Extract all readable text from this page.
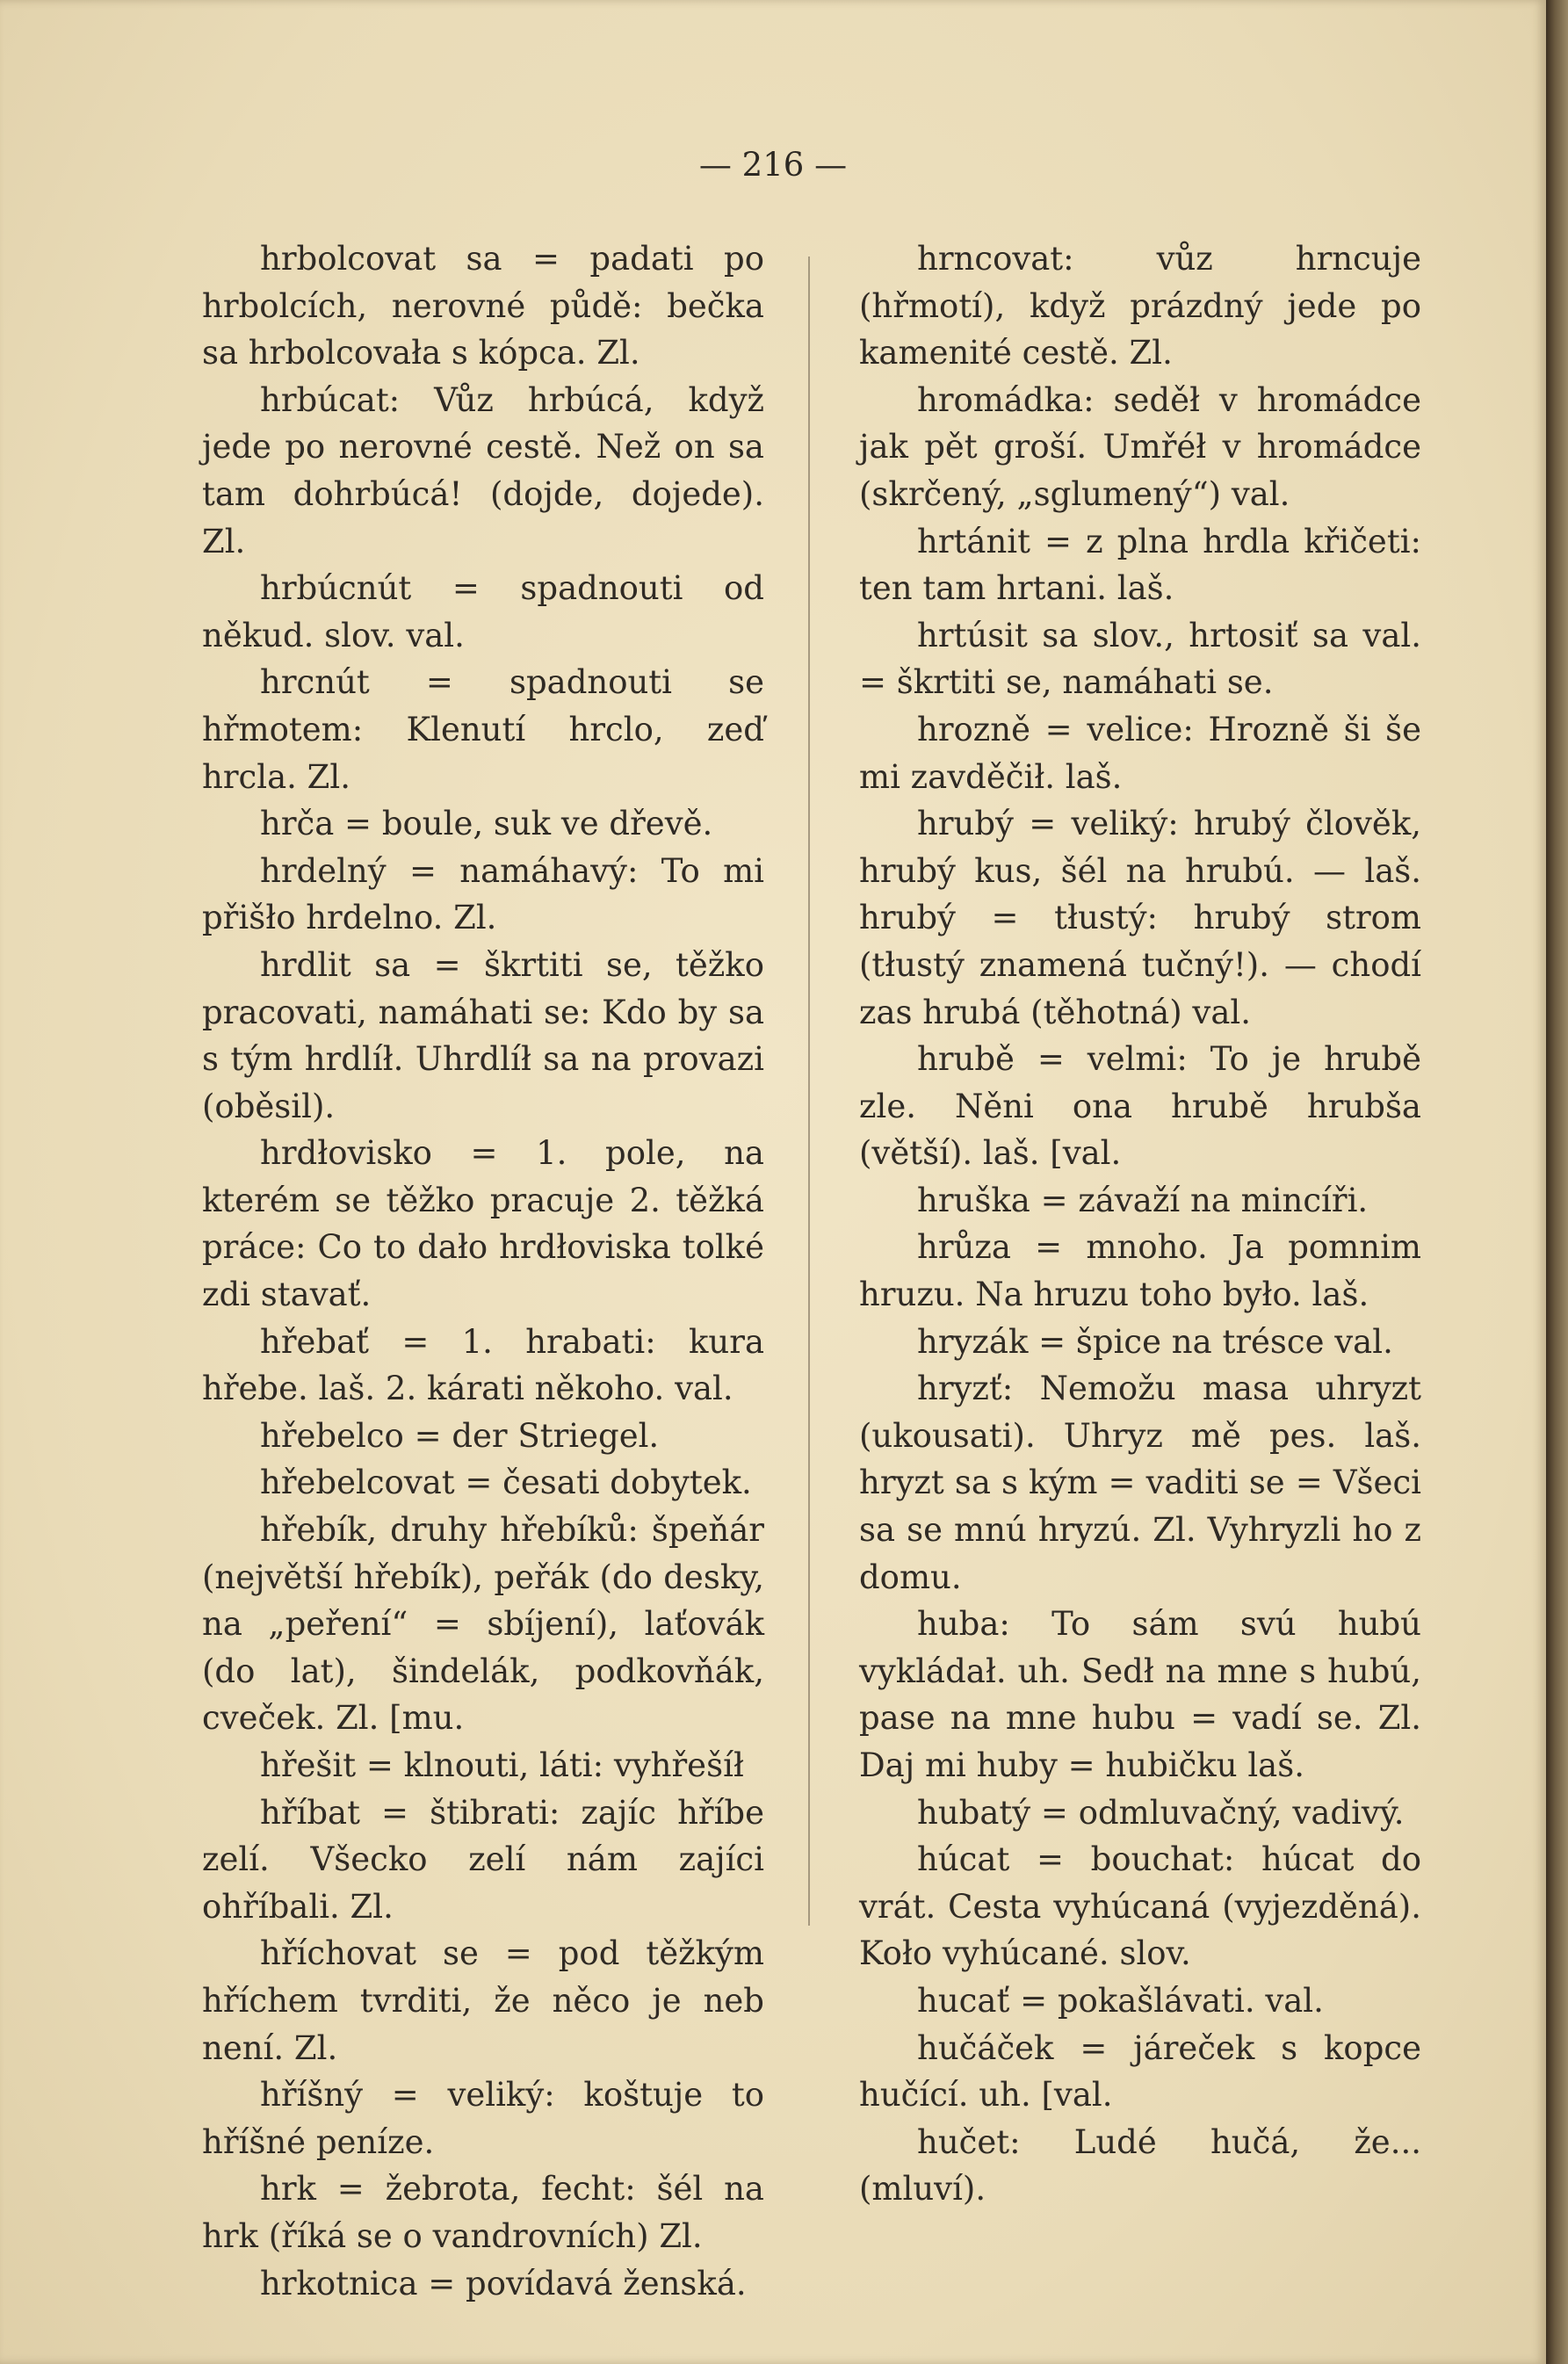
— 216 —

hrbolcovat sa = padati po hrbolcích, nerovné půdě: bečka sa hrbolcovała s kópca. Zl.

hrbúcat: Vůz hrbúcá, když jede po nerovné cestě. Než on sa tam dohrbúcá! (dojde, dojede). Zl.

hrbúcnút = spadnouti od někud. slov. val.

hrcnút = spadnouti se hřmotem: Klenutí hrclo, zeď hrcla. Zl.

hrča = boule, suk ve dřevě.

hrdelný = namáhavý: To mi přišło hrdelno. Zl.

hrdlit sa = škrtiti se, těžko pracovati, namáhati se: Kdo by sa s tým hrdlíł. Uhrdlíł sa na provazi (oběsil).

hrdłovisko = 1. pole, na kterém se těžko pracuje 2. těžká práce: Co to dało hrdłoviska tolké zdi stavať.

hřebať = 1. hrabati: kura hřebe. laš. 2. kárati někoho. val.

hřebelco = der Striegel.

hřebelcovat = česati dobytek.

hřebík, druhy hřebíků: špeňár (největší hřebík), peřák (do desky, na „peření“ = sbíjení), laťovák (do lat), šindelák, podkovňák, cveček. Zl. [mu.

hřešit = klnouti, láti: vyhřešíł

hříbat = štibrati: zajíc hříbe zelí. Všecko zelí nám zajíci ohříbali. Zl.

hříchovat se = pod těžkým hříchem tvrditi, že něco je neb není. Zl.

hříšný = veliký: koštuje to hříšné peníze.

hrk = žebrota, fecht: šél na hrk (říká se o vandrovních) Zl.

hrkotnica = povídavá ženská.

hrncovat: vůz hrncuje (hřmotí), když prázdný jede po kamenité cestě. Zl.

hromádka: seděł v hromádce jak pět groší. Umřéł v hromádce (skrčený, „sglumený“) val.

hrtánit = z plna hrdla křičeti: ten tam hrtani. laš.

hrtúsit sa slov., hrtosiť sa val. = škrtiti se, namáhati se.

hrozně = velice: Hrozně ši še mi zavděčił. laš.

hrubý = veliký: hrubý člověk, hrubý kus, šél na hrubú. — laš. hrubý = tłustý: hrubý strom (tłustý znamená tučný!). — chodí zas hrubá (těhotná) val.

hrubě = velmi: To je hrubě zle. Něni ona hrubě hrubša (větší). laš. [val.

hruška = závaží na mincíři.

hrůza = mnoho. Ja pomnim hruzu. Na hruzu toho było. laš.

hryzák = špice na trésce val.

hryzť: Nemožu masa uhryzt (ukousati). Uhryz mě pes. laš. hryzt sa s kým = vaditi se = Všeci sa se mnú hryzú. Zl. Vyhryzli ho z domu.

huba: To sám svú hubú vykládał. uh. Sedł na mne s hubú, pase na mne hubu = vadí se. Zl. Daj mi huby = hubičku laš.

hubatý = odmluvačný, vadivý.

húcat = bouchat: húcat do vrát. Cesta vyhúcaná (vyjezděná). Koło vyhúcané. slov.

hucať = pokašlávati. val.

hučáček = járeček s kopce hučící. uh. [val.

hučet: Ludé hučá, že... (mluví).
